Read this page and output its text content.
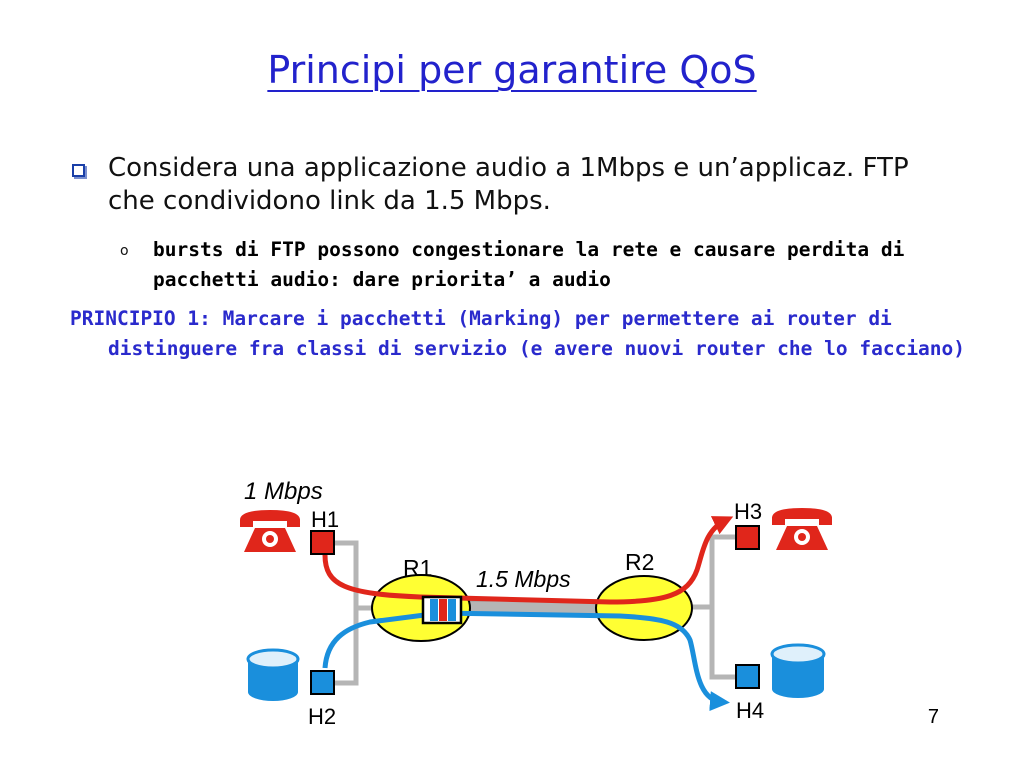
Principi per garantire QoS
Considera una applicazione audio a 1Mbps e un’applicaz. FTP che condividono link da 1.5 Mbps.
o bursts di FTP possono congestionare la rete e causare perdita di pacchetti audio: dare priorita’ a audio
PRINCIPIO 1: Marcare i pacchetti (Marking) per permettere ai router di distinguere fra classi di servizio (e avere nuovi router che lo facciano)
1 Mbps
1.5 Mbps
R1	R2
H1
H2
H3
H4	7
